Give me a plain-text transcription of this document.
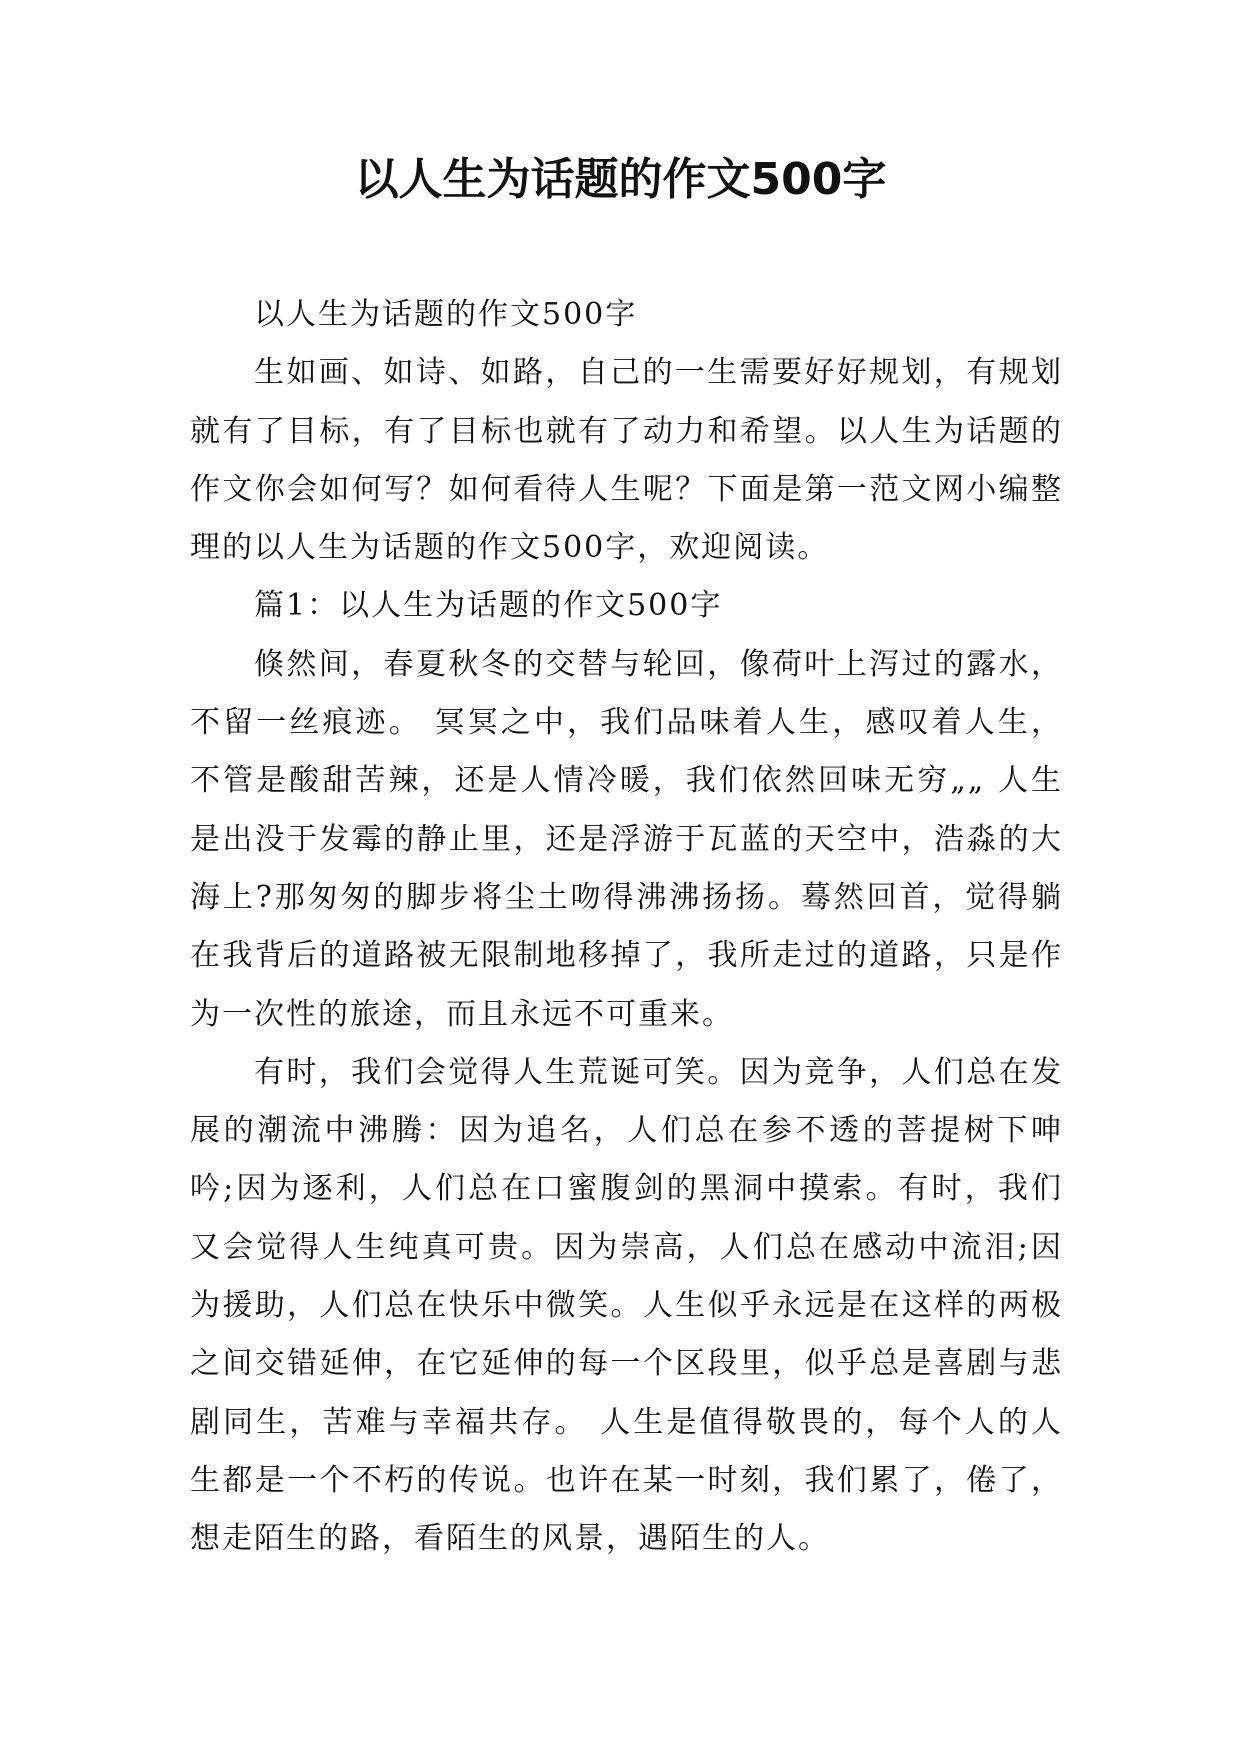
以人生为话题的作文500字

以人生为话题的作文500字

生如画、如诗、如路，自己的一生需要好好规划，有规划就有了目标，有了目标也就有了动力和希望。以人生为话题的作文你会如何写？如何看待人生呢？下面是第一范文网小编整理的以人生为话题的作文500字，欢迎阅读。

篇1：以人生为话题的作文500字

倏然间，春夏秋冬的交替与轮回，像荷叶上泻过的露水，不留一丝痕迹。 冥冥之中，我们品味着人生，感叹着人生，不管是酸甜苦辣，还是人情冷暖，我们依然回味无穷„„ 人生是出没于发霉的静止里，还是浮游于瓦蓝的天空中，浩淼的大海上?那匆匆的脚步将尘土吻得沸沸扬扬。蓦然回首，觉得躺在我背后的道路被无限制地移掉了，我所走过的道路，只是作为一次性的旅途，而且永远不可重来。

有时，我们会觉得人生荒诞可笑。因为竞争，人们总在发展的潮流中沸腾：因为追名，人们总在参不透的菩提树下呻吟;因为逐利，人们总在口蜜腹剑的黑洞中摸索。有时，我们又会觉得人生纯真可贵。因为崇高，人们总在感动中流泪;因为援助，人们总在快乐中微笑。人生似乎永远是在这样的两极之间交错延伸，在它延伸的每一个区段里，似乎总是喜剧与悲剧同生，苦难与幸福共存。 人生是值得敬畏的，每个人的人生都是一个不朽的传说。也许在某一时刻，我们累了，倦了，想走陌生的路，看陌生的风景，遇陌生的人。
